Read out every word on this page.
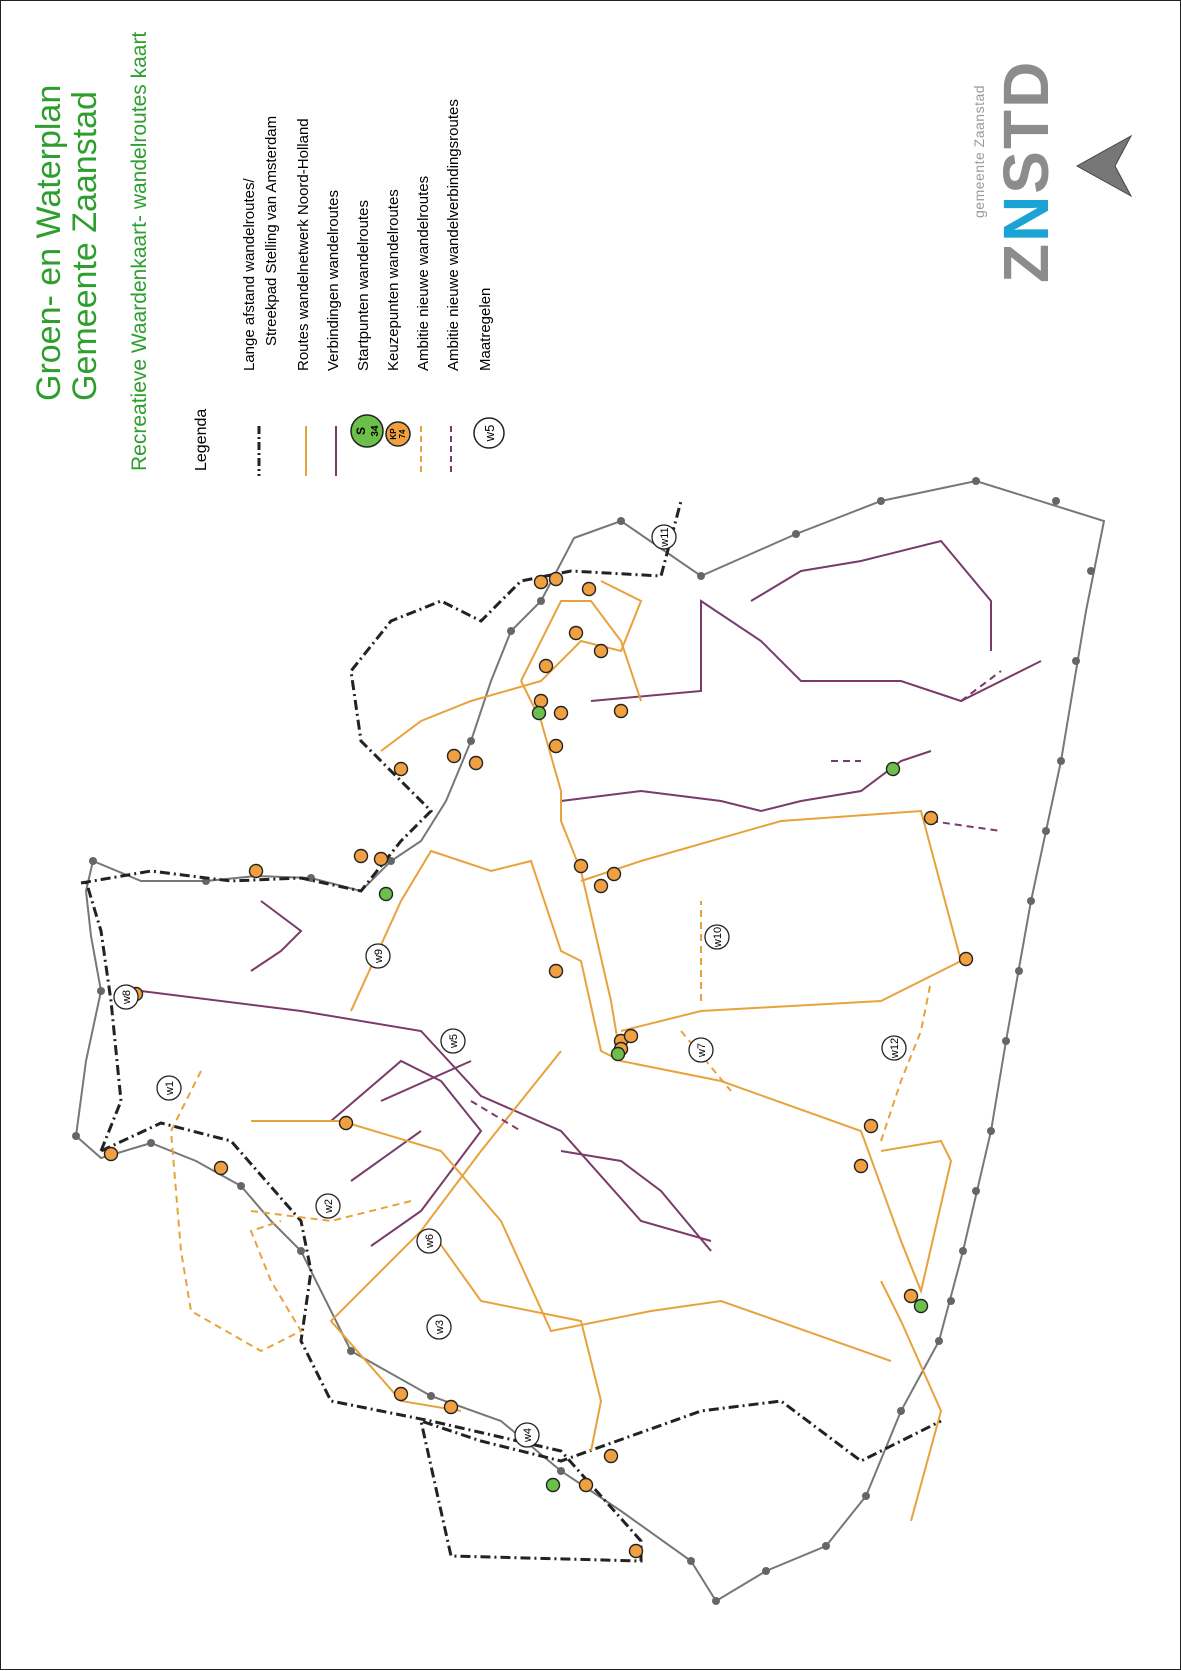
w1
w2
w3
w4
w5
w6
w7
w8
w9
w10
w11
w12
Groen- en Waterplan
Gemeente Zaanstad Recreatieve Waardenkaart- wandelroutes kaart	Legenda
Lange afstand wandelroutes/ Streekpad Stelling van Amsterdam Routes wandelnetwerk Noord-Holland Verbindingen wandelroutes Startpunten wandelroutes Keuzepunten wandelroutes Ambitie nieuwe wandelroutes Ambitie nieuwe wandelverbindingsroutes Maatregelen
S 34 KP 74	w5
gemeente Zaanstad
ZNSTD
